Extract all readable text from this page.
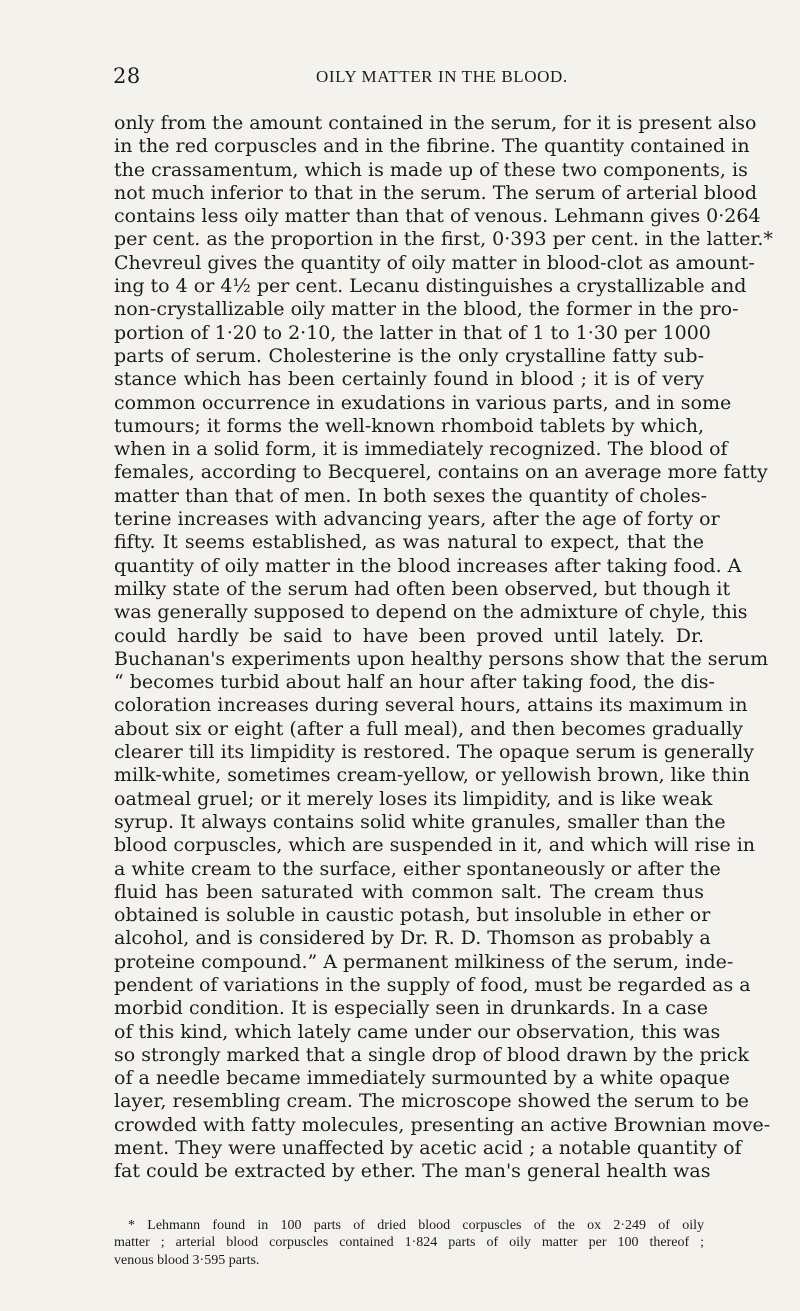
28	OILY MATTER IN THE BLOOD.
only from the amount contained in the serum, for it is present also
in the red corpuscles and in the fibrine. The quantity contained in
the crassamentum, which is made up of these two components, is
not much inferior to that in the serum. The serum of arterial blood
contains less oily matter than that of venous. Lehmann gives 0·264
per cent. as the proportion in the first, 0·393 per cent. in the latter.*
Chevreul gives the quantity of oily matter in blood-clot as amount-
ing to 4 or 4½ per cent. Lecanu distinguishes a crystallizable and
non-crystallizable oily matter in the blood, the former in the pro-
portion of 1·20 to 2·10, the latter in that of 1 to 1·30 per 1000
parts of serum. Cholesterine is the only crystalline fatty sub-
stance which has been certainly found in blood ; it is of very
common occurrence in exudations in various parts, and in some
tumours; it forms the well-known rhomboid tablets by which,
when in a solid form, it is immediately recognized. The blood of
females, according to Becquerel, contains on an average more fatty
matter than that of men. In both sexes the quantity of choles-
terine increases with advancing years, after the age of forty or
fifty. It seems established, as was natural to expect, that the
quantity of oily matter in the blood increases after taking food. A
milky state of the serum had often been observed, but though it
was generally supposed to depend on the admixture of chyle, this
could hardly be said to have been proved until lately. Dr.
Buchanan's experiments upon healthy persons show that the serum
“ becomes turbid about half an hour after taking food, the dis-
coloration increases during several hours, attains its maximum in
about six or eight (after a full meal), and then becomes gradually
clearer till its limpidity is restored. The opaque serum is generally
milk-white, sometimes cream-yellow, or yellowish brown, like thin
oatmeal gruel; or it merely loses its limpidity, and is like weak
syrup. It always contains solid white granules, smaller than the
blood corpuscles, which are suspended in it, and which will rise in
a white cream to the surface, either spontaneously or after the
fluid has been saturated with common salt. The cream thus
obtained is soluble in caustic potash, but insoluble in ether or
alcohol, and is considered by Dr. R. D. Thomson as probably a
proteine compound.” A permanent milkiness of the serum, inde-
pendent of variations in the supply of food, must be regarded as a
morbid condition. It is especially seen in drunkards. In a case
of this kind, which lately came under our observation, this was
so strongly marked that a single drop of blood drawn by the prick
of a needle became immediately surmounted by a white opaque
layer, resembling cream. The microscope showed the serum to be
crowded with fatty molecules, presenting an active Brownian move-
ment. They were unaffected by acetic acid ; a notable quantity of
fat could be extracted by ether. The man's general health was
* Lehmann found in 100 parts of dried blood corpuscles of the ox 2·249 of oily
matter ; arterial blood corpuscles contained 1·824 parts of oily matter per 100 thereof ;
venous blood 3·595 parts.
